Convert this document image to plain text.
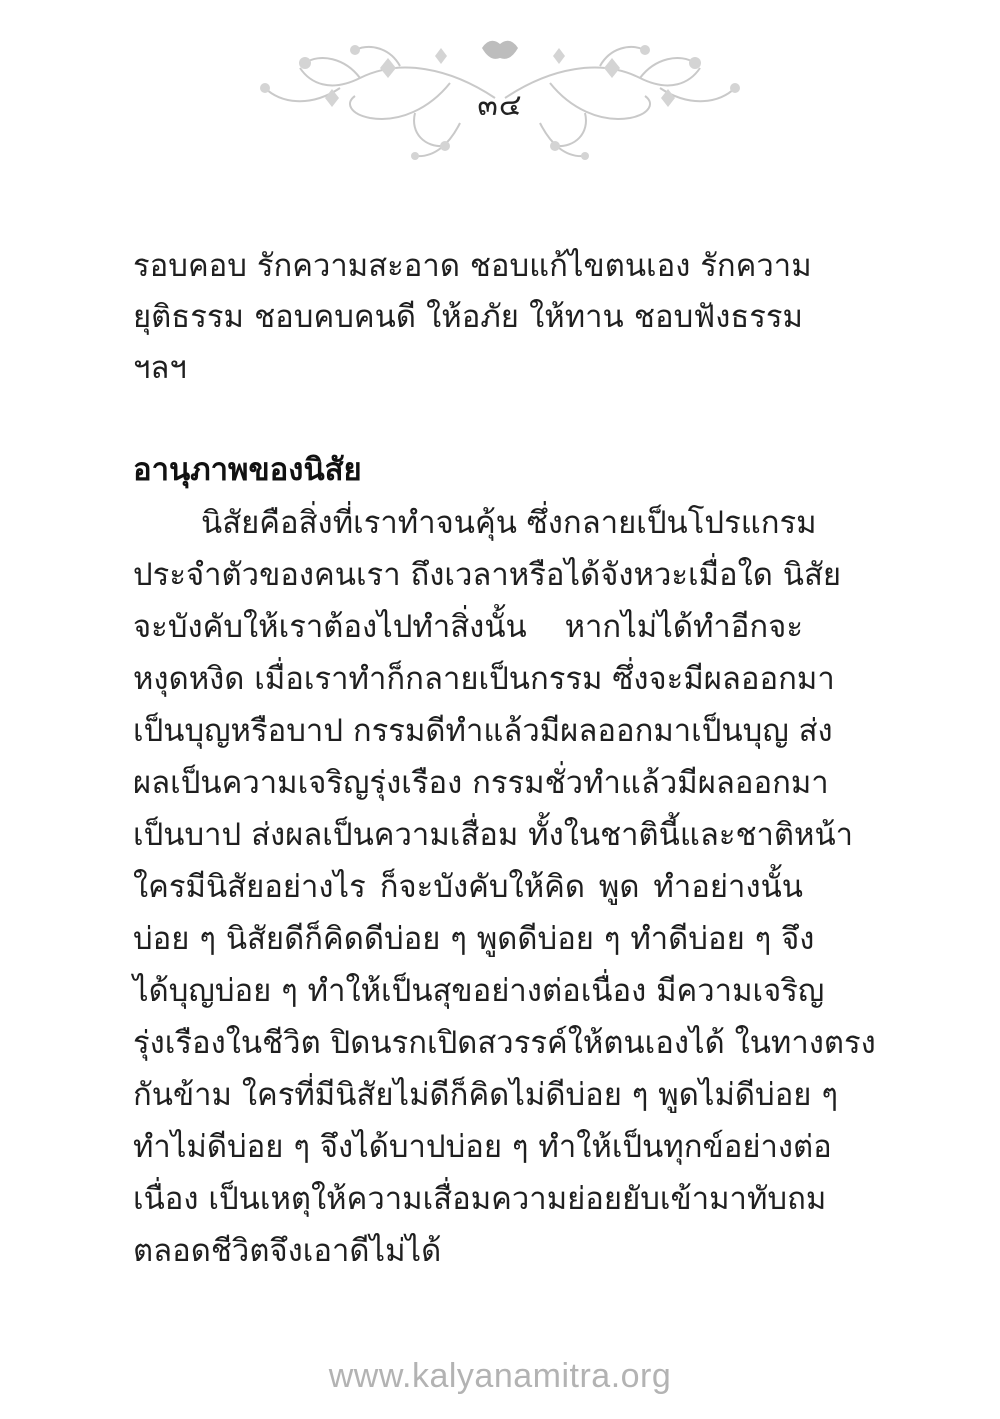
๓๔
รอบคอบ รักความสะอาด ชอบแก้ไขตนเอง รักความ
ยุติธรรม ชอบคบคนดี ให้อภัย ให้ทาน ชอบฟังธรรม
ฯลฯ
อานุภาพของนิสัย
นิสัยคือสิ่งที่เราทำจนคุ้น ซึ่งกลายเป็นโปรแกรม
ประจำตัวของคนเรา ถึงเวลาหรือได้จังหวะเมื่อใด นิสัย
จะบังคับให้เราต้องไปทำสิ่งนั้น หากไม่ได้ทำอีกจะ
หงุดหงิด เมื่อเราทำก็กลายเป็นกรรม ซึ่งจะมีผลออกมา
เป็นบุญหรือบาป กรรมดีทำแล้วมีผลออกมาเป็นบุญ ส่ง
ผลเป็นความเจริญรุ่งเรือง กรรมชั่วทำแล้วมีผลออกมา
เป็นบาป ส่งผลเป็นความเสื่อม ทั้งในชาตินี้และชาติหน้า
ใครมีนิสัยอย่างไร ก็จะบังคับให้คิด พูด ทำอย่างนั้น
บ่อย ๆ นิสัยดีก็คิดดีบ่อย ๆ พูดดีบ่อย ๆ ทำดีบ่อย ๆ จึง
ได้บุญบ่อย ๆ ทำให้เป็นสุขอย่างต่อเนื่อง มีความเจริญ
รุ่งเรืองในชีวิต ปิดนรกเปิดสวรรค์ให้ตนเองได้ ในทางตรง
กันข้าม ใครที่มีนิสัยไม่ดีก็คิดไม่ดีบ่อย ๆ พูดไม่ดีบ่อย ๆ
ทำไม่ดีบ่อย ๆ จึงได้บาปบ่อย ๆ ทำให้เป็นทุกข์อย่างต่อ
เนื่อง เป็นเหตุให้ความเสื่อมความย่อยยับเข้ามาทับถม
ตลอดชีวิตจึงเอาดีไม่ได้
www.kalyanamitra.org
